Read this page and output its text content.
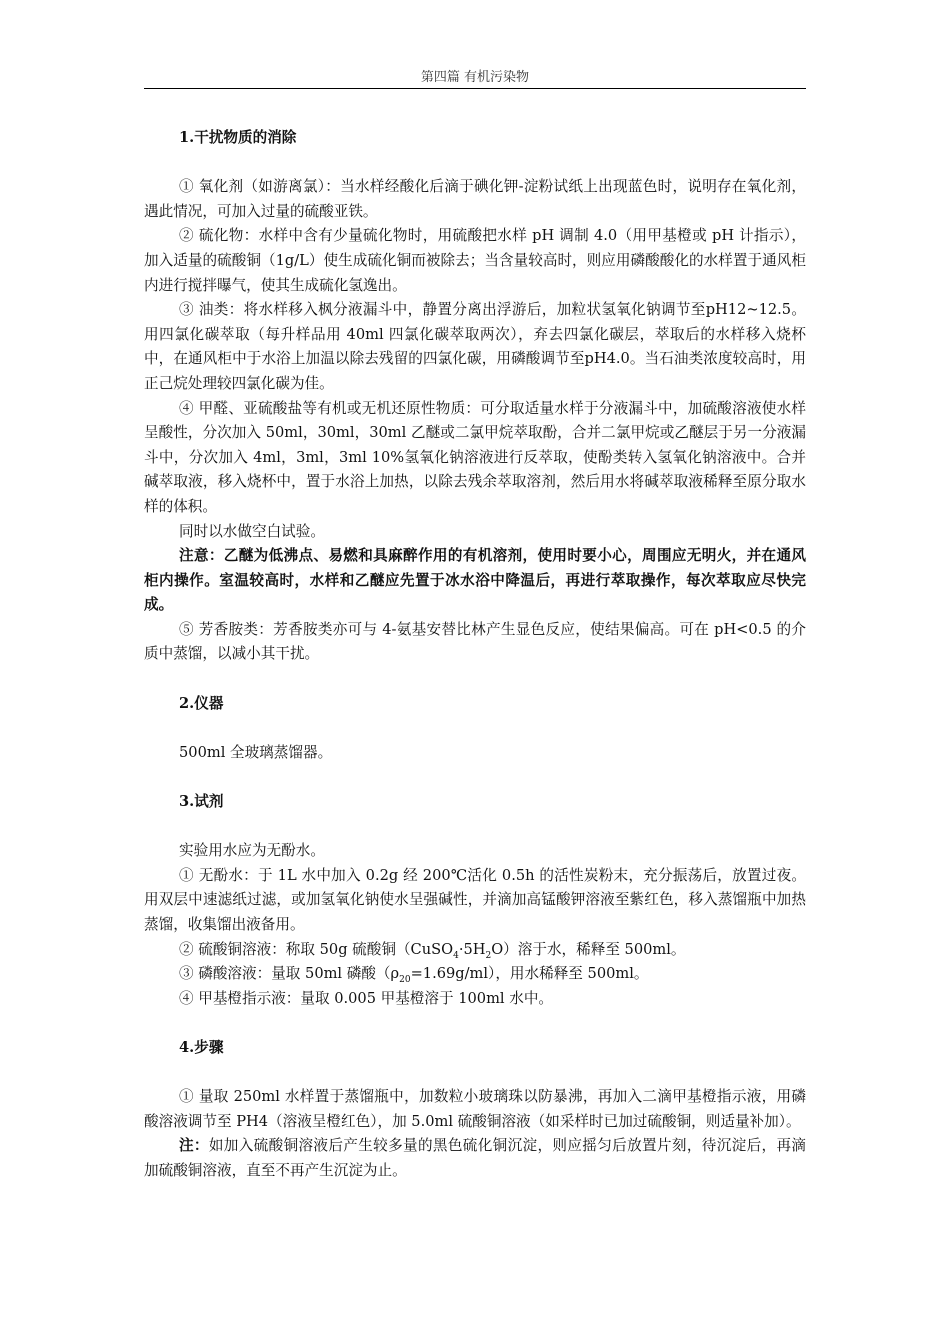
第四篇 有机污染物

1.干扰物质的消除

① 氧化剂（如游离氯）：当水样经酸化后滴于碘化钾-淀粉试纸上出现蓝色时，说明存在氧化剂，遇此情况，可加入过量的硫酸亚铁。

② 硫化物：水样中含有少量硫化物时，用硫酸把水样 pH 调制 4.0（用甲基橙或 pH 计指示），加入适量的硫酸铜（1g/L）使生成硫化铜而被除去；当含量较高时，则应用磷酸酸化的水样置于通风柜内进行搅拌曝气，使其生成硫化氢逸出。

③ 油类：将水样移入枫分液漏斗中，静置分离出浮游后，加粒状氢氧化钠调节至pH12~12.5。用四氯化碳萃取（每升样品用 40ml 四氯化碳萃取两次），弃去四氯化碳层，萃取后的水样移入烧杯中，在通风柜中于水浴上加温以除去残留的四氯化碳，用磷酸调节至pH4.0。当石油类浓度较高时，用正己烷处理较四氯化碳为佳。

④ 甲醛、亚硫酸盐等有机或无机还原性物质：可分取适量水样于分液漏斗中，加硫酸溶液使水样呈酸性，分次加入 50ml，30ml，30ml 乙醚或二氯甲烷萃取酚，合并二氯甲烷或乙醚层于另一分液漏斗中，分次加入 4ml，3ml，3ml 10%氢氧化钠溶液进行反萃取，使酚类转入氢氧化钠溶液中。合并碱萃取液，移入烧杯中，置于水浴上加热，以除去残余萃取溶剂，然后用水将碱萃取液稀释至原分取水样的体积。

同时以水做空白试验。

注意：乙醚为低沸点、易燃和具麻醉作用的有机溶剂，使用时要小心，周围应无明火，并在通风柜内操作。室温较高时，水样和乙醚应先置于冰水浴中降温后，再进行萃取操作，每次萃取应尽快完成。

⑤ 芳香胺类：芳香胺类亦可与 4-氨基安替比林产生显色反应，使结果偏高。可在 pH<0.5 的介质中蒸馏，以减小其干扰。

2.仪器

500ml 全玻璃蒸馏器。

3.试剂

实验用水应为无酚水。

① 无酚水：于 1L 水中加入 0.2g 经 200℃活化 0.5h 的活性炭粉末，充分振荡后，放置过夜。用双层中速滤纸过滤，或加氢氧化钠使水呈强碱性，并滴加高锰酸钾溶液至紫红色，移入蒸馏瓶中加热蒸馏，收集馏出液备用。

② 硫酸铜溶液：称取 50g 硫酸铜$(CuSO_4\cdot 5H_2O)$溶于水，稀释至 500ml。

③ 磷酸溶液：量取 50ml 磷酸$(\rho_{20}=1.69g/ml)$，用水稀释至 500ml。

④ 甲基橙指示液：量取 0.005 甲基橙溶于 100ml 水中。

4.步骤

① 量取 250ml 水样置于蒸馏瓶中，加数粒小玻璃珠以防暴沸，再加入二滴甲基橙指示液，用磷酸溶液调节至 PH4（溶液呈橙红色），加 5.0ml 硫酸铜溶液（如采样时已加过硫酸铜，则适量补加）。

注：如加入硫酸铜溶液后产生较多量的黑色硫化铜沉淀，则应摇匀后放置片刻，待沉淀后，再滴加硫酸铜溶液，直至不再产生沉淀为止。
